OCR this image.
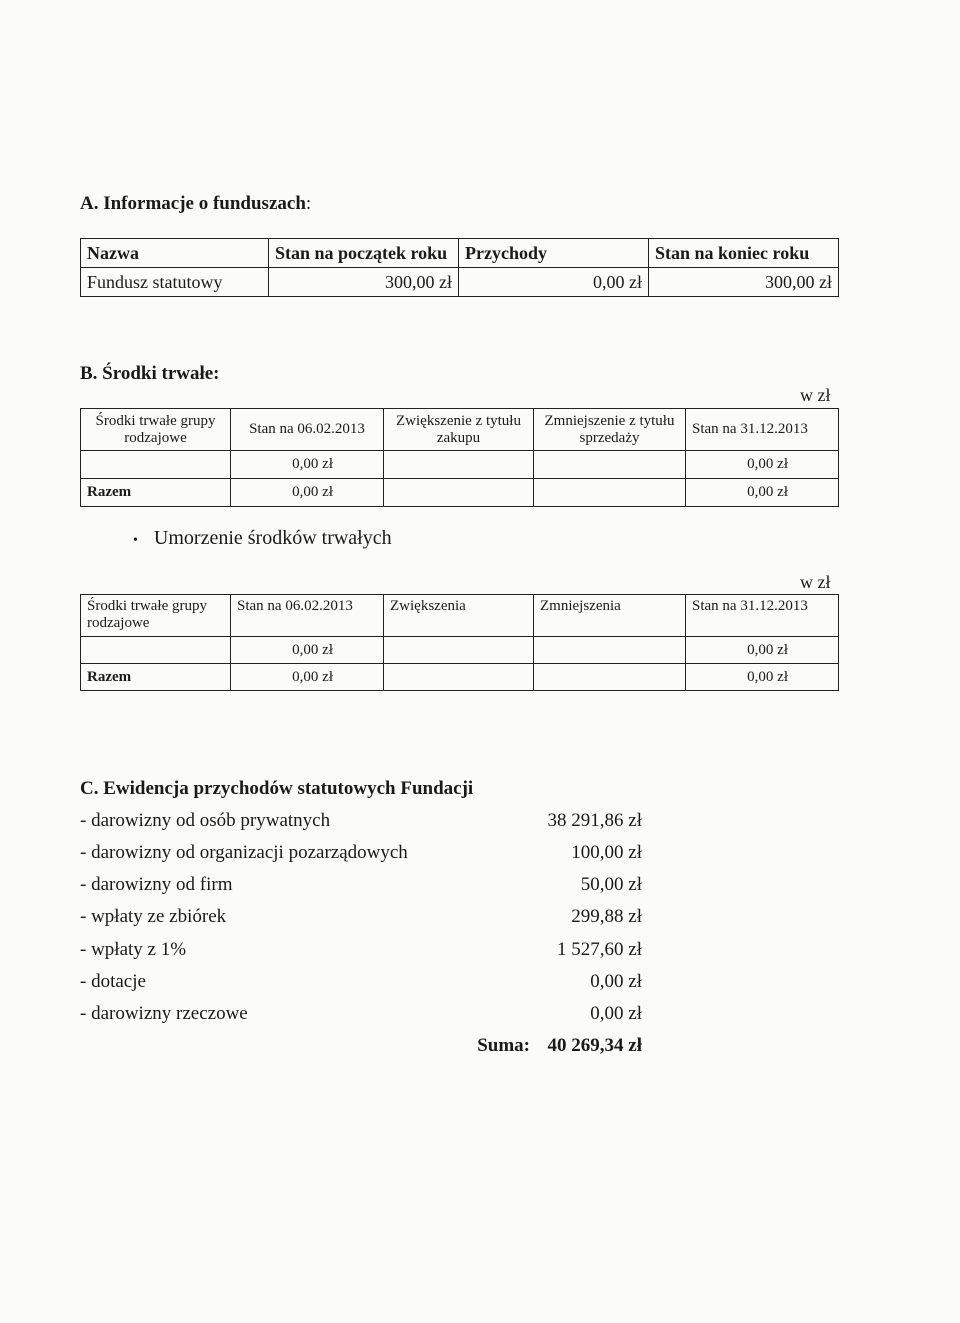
A. Informacje o funduszach:
Nazwa	Stan na początek roku	Przychody	Stan na koniec roku
Fundusz statutowy	300,00 zł	0,00 zł	300,00 zł
B. Środki trwałe:
w zł
Środki trwałe grupy rodzajowe	Stan na 06.02.2013	Zwiększenie z tytułu zakupu	Zmniejszenie z tytułu sprzedaży	Stan na 31.12.2013
	0,00 zł			0,00 zł
Razem	0,00 zł			0,00 zł
• Umorzenie środków trwałych
w zł
Środki trwałe grupy rodzajowe	Stan na 06.02.2013	Zwiększenia	Zmniejszenia	Stan na 31.12.2013
	0,00 zł			0,00 zł
Razem	0,00 zł			0,00 zł
C. Ewidencja przychodów statutowych Fundacji
- darowizny od osób prywatnych	38 291,86 zł
- darowizny od organizacji pozarządowych	100,00 zł
- darowizny od firm	50,00 zł
- wpłaty ze zbiórek	299,88 zł
- wpłaty z 1%	1 527,60 zł
- dotacje	0,00 zł
- darowizny rzeczowe	0,00 zł
Suma: 40 269,34 zł
